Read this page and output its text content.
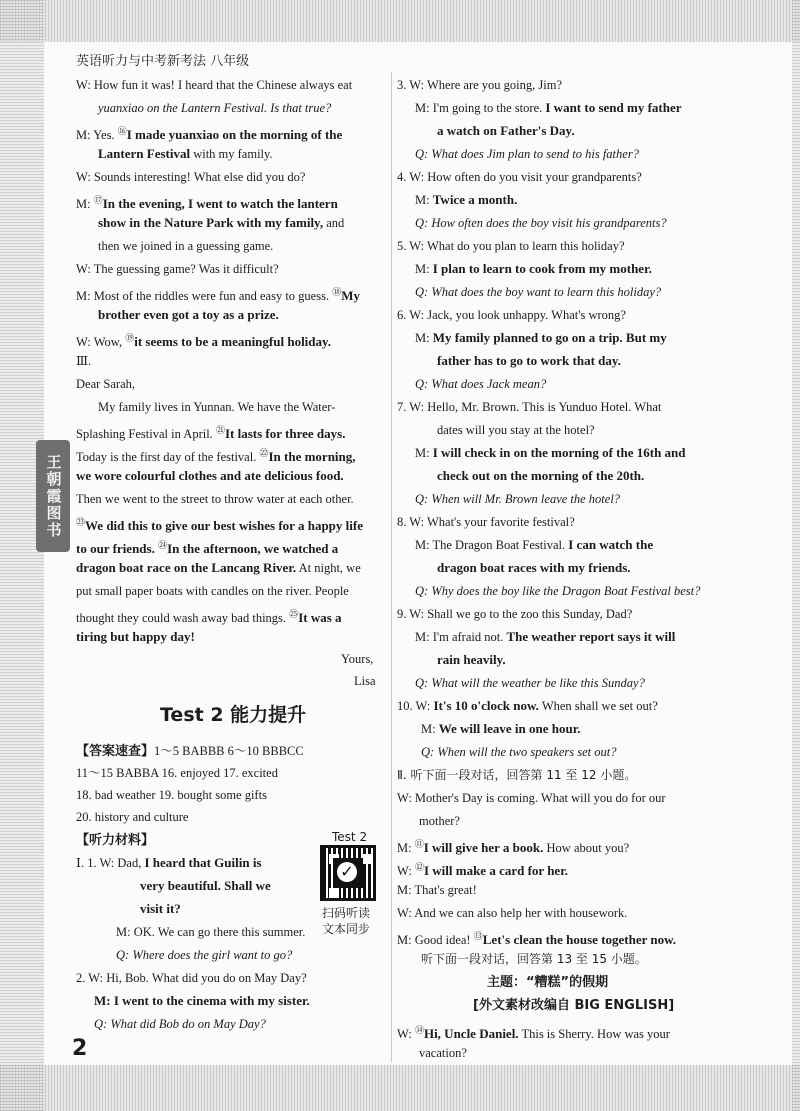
王朝霞图书
英语听力与中考新考法 八年级
W: How fun it was! I heard that the Chinese always eat
yuanxiao on the Lantern Festival. Is that true?
M: Yes. ⑯I made yuanxiao on the morning of the
Lantern Festival with my family.
W: Sounds interesting! What else did you do?
M: ⑰In the evening, I went to watch the lantern
show in the Nature Park with my family, and
then we joined in a guessing game.
W: The guessing game? Was it difficult?
M: Most of the riddles were fun and easy to guess. ⑱My
brother even got a toy as a prize.
W: Wow, ⑲it seems to be a meaningful holiday.
Ⅲ.
Dear Sarah,
My family lives in Yunnan. We have the Water-
Splashing Festival in April. $^㉑$It lasts for three days.
Today is the first day of the festival. $^㉒$In the morning,
we wore colourful clothes and ate delicious food.
Then we went to the street to throw water at each other.
$^㉓$We did this to give our best wishes for a happy life
to our friends. $^㉔$In the afternoon, we watched a
dragon boat race on the Lancang River. At night, we
put small paper boats with candles on the river. People
thought they could wash away bad things. $^㉕$It was a
tiring but happy day!
Yours,
Lisa
Test 2 能力提升
【答案速查】1～5 BABBB 6～10 BBBCC
11～15 BABBA 16. enjoyed 17. excited
18. bad weather 19. bought some gifts
20. history and culture
【听力材料】
Ⅰ. 1. W: Dad, I heard that Guilin is
very beautiful. Shall we
visit it?
M: OK. We can go there this summer.
Q: Where does the girl want to go?
2. W: Hi, Bob. What did you do on May Day?
M: I went to the cinema with my sister.
Q: What did Bob do on May Day?
Test 2
✓
扫码听读
文本同步
3. W: Where are you going, Jim?
M: I'm going to the store. I want to send my father
a watch on Father's Day.
Q: What does Jim plan to send to his father?
4. W: How often do you visit your grandparents?
M: Twice a month.
Q: How often does the boy visit his grandparents?
5. W: What do you plan to learn this holiday?
M: I plan to learn to cook from my mother.
Q: What does the boy want to learn this holiday?
6. W: Jack, you look unhappy. What's wrong?
M: My family planned to go on a trip. But my
father has to go to work that day.
Q: What does Jack mean?
7. W: Hello, Mr. Brown. This is Yunduo Hotel. What
dates will you stay at the hotel?
M: I will check in on the morning of the 16th and
check out on the morning of the 20th.
Q: When will Mr. Brown leave the hotel?
8. W: What's your favorite festival?
M: The Dragon Boat Festival. I can watch the
dragon boat races with my friends.
Q: Why does the boy like the Dragon Boat Festival best?
9. W: Shall we go to the zoo this Sunday, Dad?
M: I'm afraid not. The weather report says it will
rain heavily.
Q: What will the weather be like this Sunday?
10. W: It's 10 o'clock now. When shall we set out?
M: We will leave in one hour.
Q: When will the two speakers set out?
Ⅱ. 听下面一段对话，回答第 11 至 12 小题。
W: Mother's Day is coming. What will you do for our
mother?
M: ⑪I will give her a book. How about you?
W: ⑫I will make a card for her.
M: That's great!
W: And we can also help her with housework.
M: Good idea! ⑬Let's clean the house together now.
听下面一段对话，回答第 13 至 15 小题。
主题：“糟糕”的假期
[外文素材改编自 BIG ENGLISH]
W: ⑭Hi, Uncle Daniel. This is Sherry. How was your
vacation?
2
